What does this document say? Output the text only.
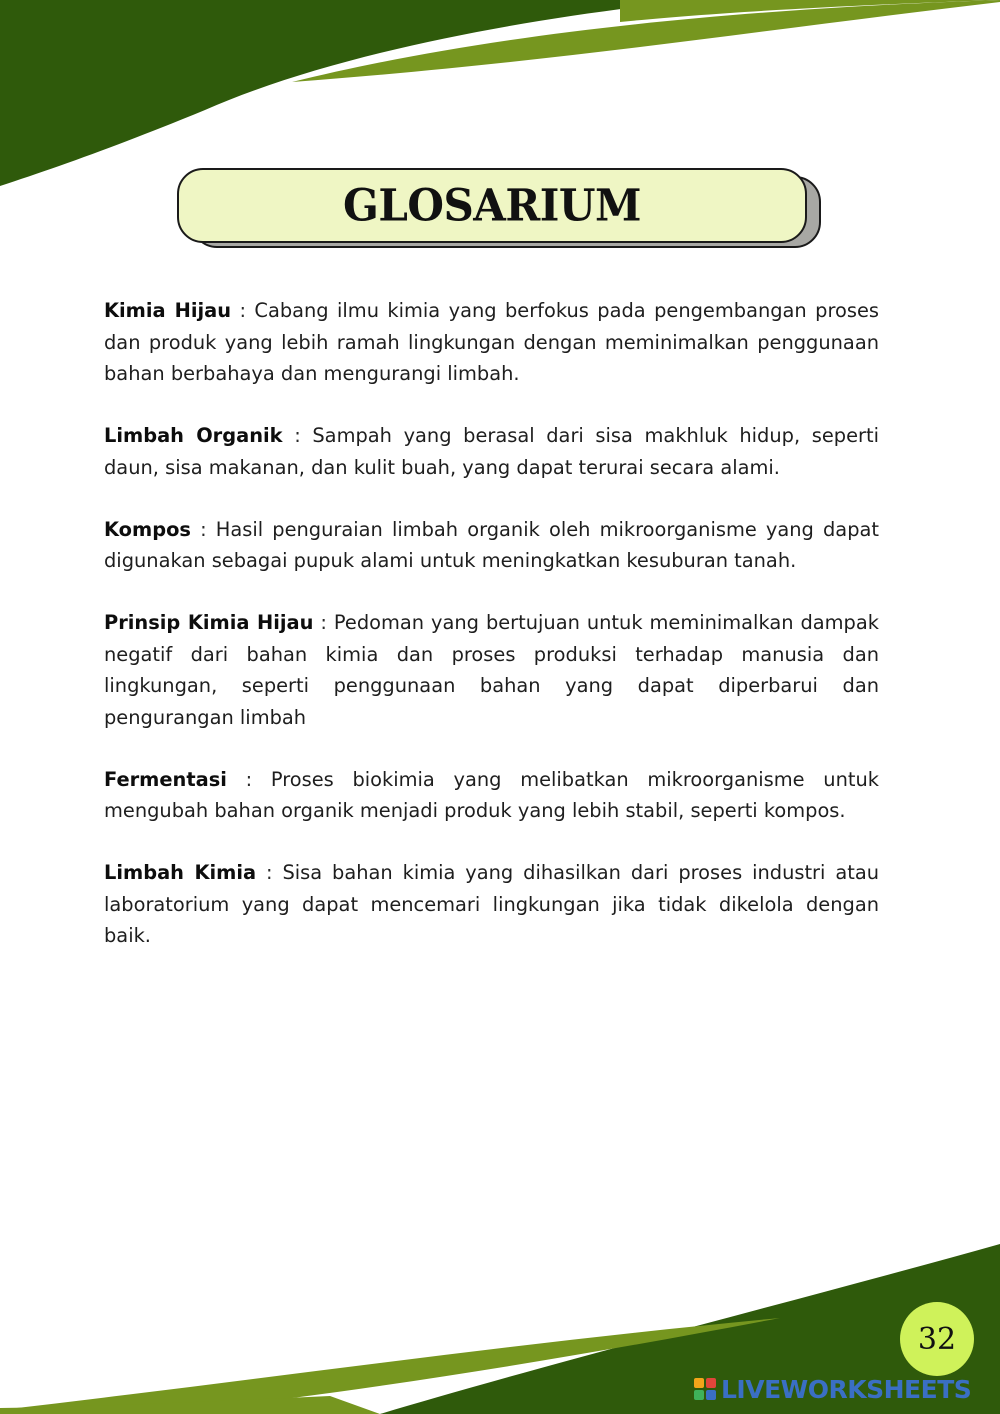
GLOSARIUM

Kimia Hijau : Cabang ilmu kimia yang berfokus pada pengembangan proses dan produk yang lebih ramah lingkungan dengan meminimalkan penggunaan bahan berbahaya dan mengurangi limbah.

Limbah Organik : Sampah yang berasal dari sisa makhluk hidup, seperti daun, sisa makanan, dan kulit buah, yang dapat terurai secara alami.

Kompos : Hasil penguraian limbah organik oleh mikroorganisme yang dapat digunakan sebagai pupuk alami untuk meningkatkan kesuburan tanah.

Prinsip Kimia Hijau : Pedoman yang bertujuan untuk meminimalkan dampak negatif dari bahan kimia dan proses produksi terhadap manusia dan lingkungan, seperti penggunaan bahan yang dapat diperbarui dan pengurangan limbah

Fermentasi : Proses biokimia yang melibatkan mikroorganisme untuk mengubah bahan organik menjadi produk yang lebih stabil, seperti kompos.

Limbah Kimia : Sisa bahan kimia yang dihasilkan dari proses industri atau laboratorium yang dapat mencemari lingkungan jika tidak dikelola dengan baik.

32
LIVEWORKSHEETS
